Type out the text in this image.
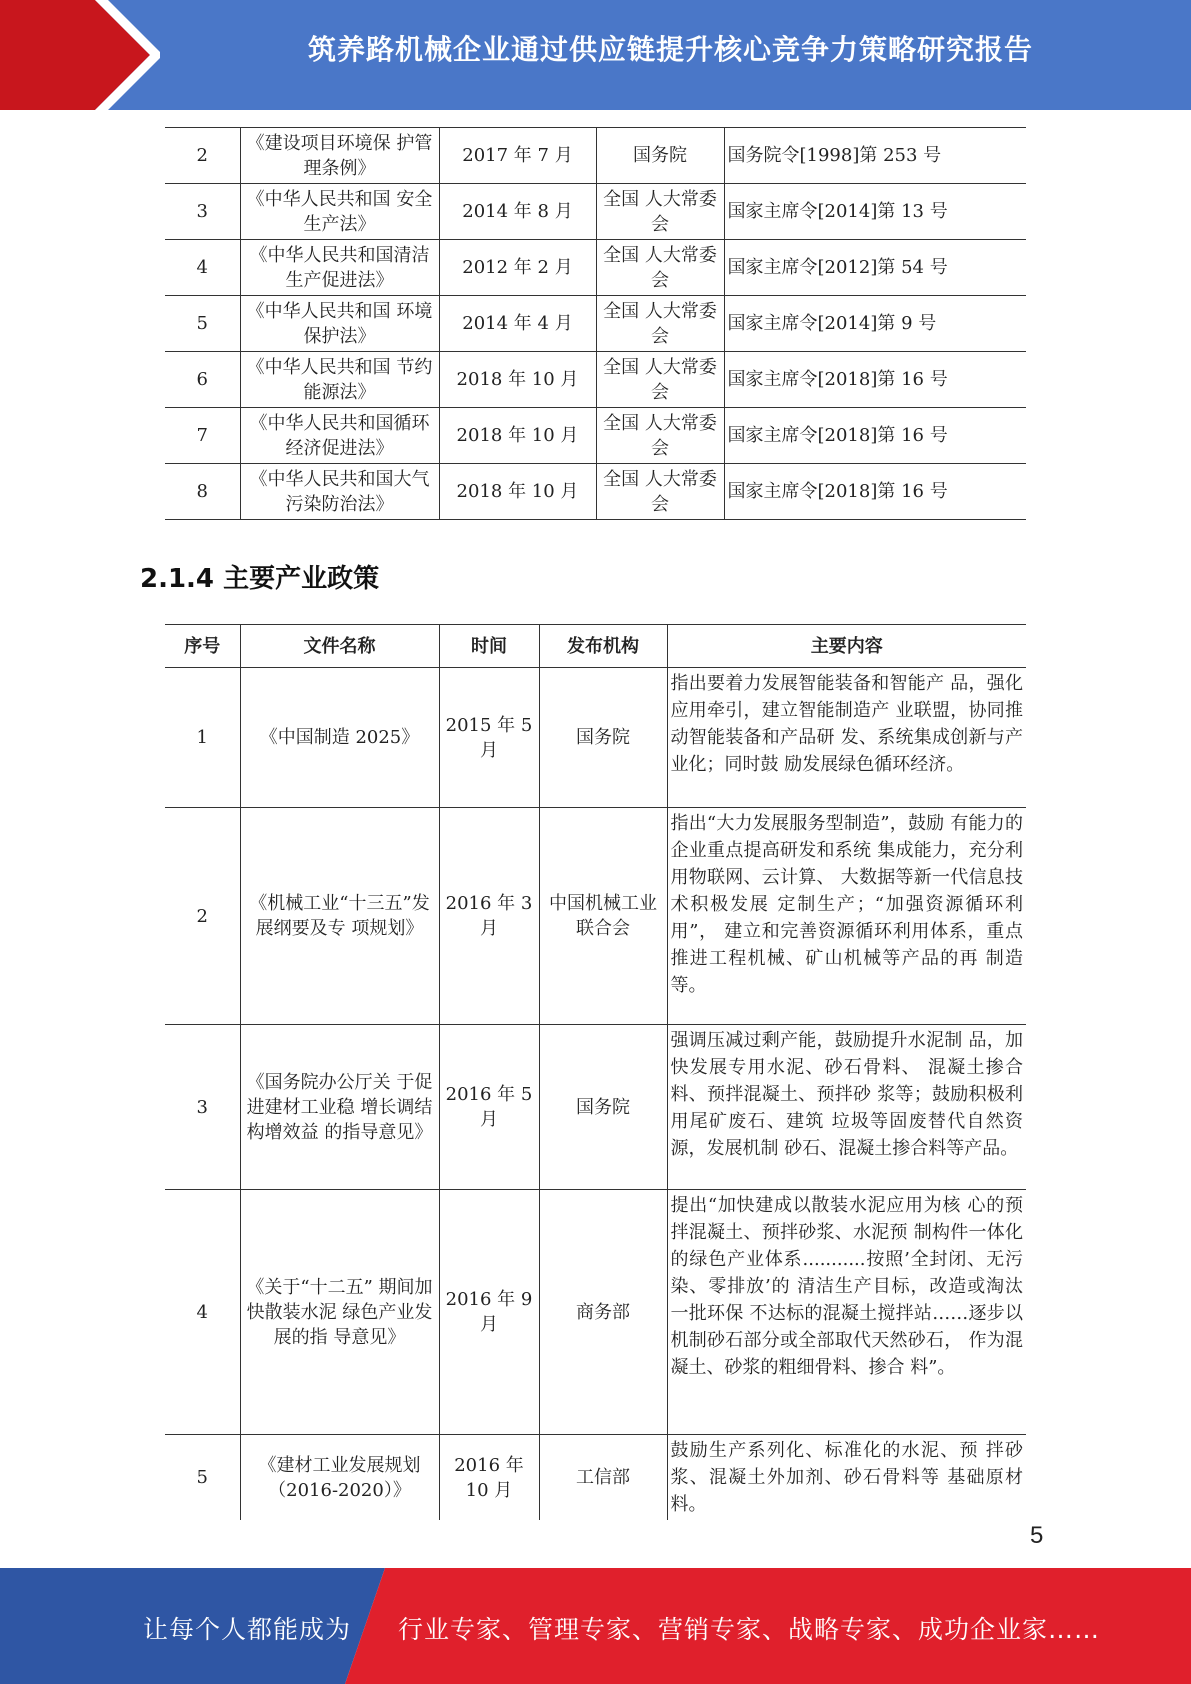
筑养路机械企业通过供应链提升核心竞争力策略研究报告
2	《建设项目环境保 护管理条例》	2017 年 7 月	国务院	国务院令[1998]第 253 号
3	《中华人民共和国 安全生产法》	2014 年 8 月	全国 人大常委会	国家主席令[2014]第 13 号
4	《中华人民共和国清洁生产促进法》	2012 年 2 月	全国 人大常委会	国家主席令[2012]第 54 号
5	《中华人民共和国 环境保护法》	2014 年 4 月	全国 人大常委会	国家主席令[2014]第 9 号
6	《中华人民共和国 节约能源法》	2018 年 10 月	全国 人大常委会	国家主席令[2018]第 16 号
7	《中华人民共和国循环经济促进法》	2018 年 10 月	全国 人大常委会	国家主席令[2018]第 16 号
8	《中华人民共和国大气污染防治法》	2018 年 10 月	全国 人大常委会	国家主席令[2018]第 16 号
2.1.4 主要产业政策
序号	文件名称	时间	发布机构	主要内容
1	《中国制造 2025》	2015 年 5 月	国务院	指出要着力发展智能装备和智能产 品，强化应用牵引，建立智能制造产 业联盟，协同推动智能装备和产品研 发、系统集成创新与产业化；同时鼓 励发展绿色循环经济。
2	《机械工业“十三五”发展纲要及专 项规划》	2016 年 3 月	中国机械工业联合会	指出“大力发展服务型制造”，鼓励 有能力的企业重点提高研发和系统 集成能力，充分利用物联网、云计算、 大数据等新一代信息技术积极发展 定制生产；“加强资源循环利用”， 建立和完善资源循环利用体系，重点 推进工程机械、矿山机械等产品的再 制造等。
3	《国务院办公厅关 于促进建材工业稳 增长调结构增效益 的指导意见》	2016 年 5 月	国务院	强调压减过剩产能，鼓励提升水泥制 品，加快发展专用水泥、砂石骨料、 混凝土掺合料、预拌混凝土、预拌砂 浆等；鼓励积极利用尾矿废石、建筑 垃圾等固废替代自然资源，发展机制 砂石、混凝土掺合料等产品。
4	《关于“十二五” 期间加快散装水泥 绿色产业发展的指 导意见》	2016 年 9 月	商务部	提出“加快建成以散装水泥应用为核 心的预拌混凝土、预拌砂浆、水泥预 制构件一体化的绿色产业体系...........按照’全封闭、无污染、零排放’的 清洁生产目标，改造或淘汰一批环保 不达标的混凝土搅拌站……逐步以 机制砂石部分或全部取代天然砂石， 作为混凝土、砂浆的粗细骨料、掺合 料”。
5	《建材工业发展规划（2016-2020）》	2016 年 10 月	工信部	鼓励生产系列化、标准化的水泥、预 拌砂浆、混凝土外加剂、砂石骨料等 基础原材料。
5
让每个人都能成为 行业专家、管理专家、营销专家、战略专家、成功企业家……
